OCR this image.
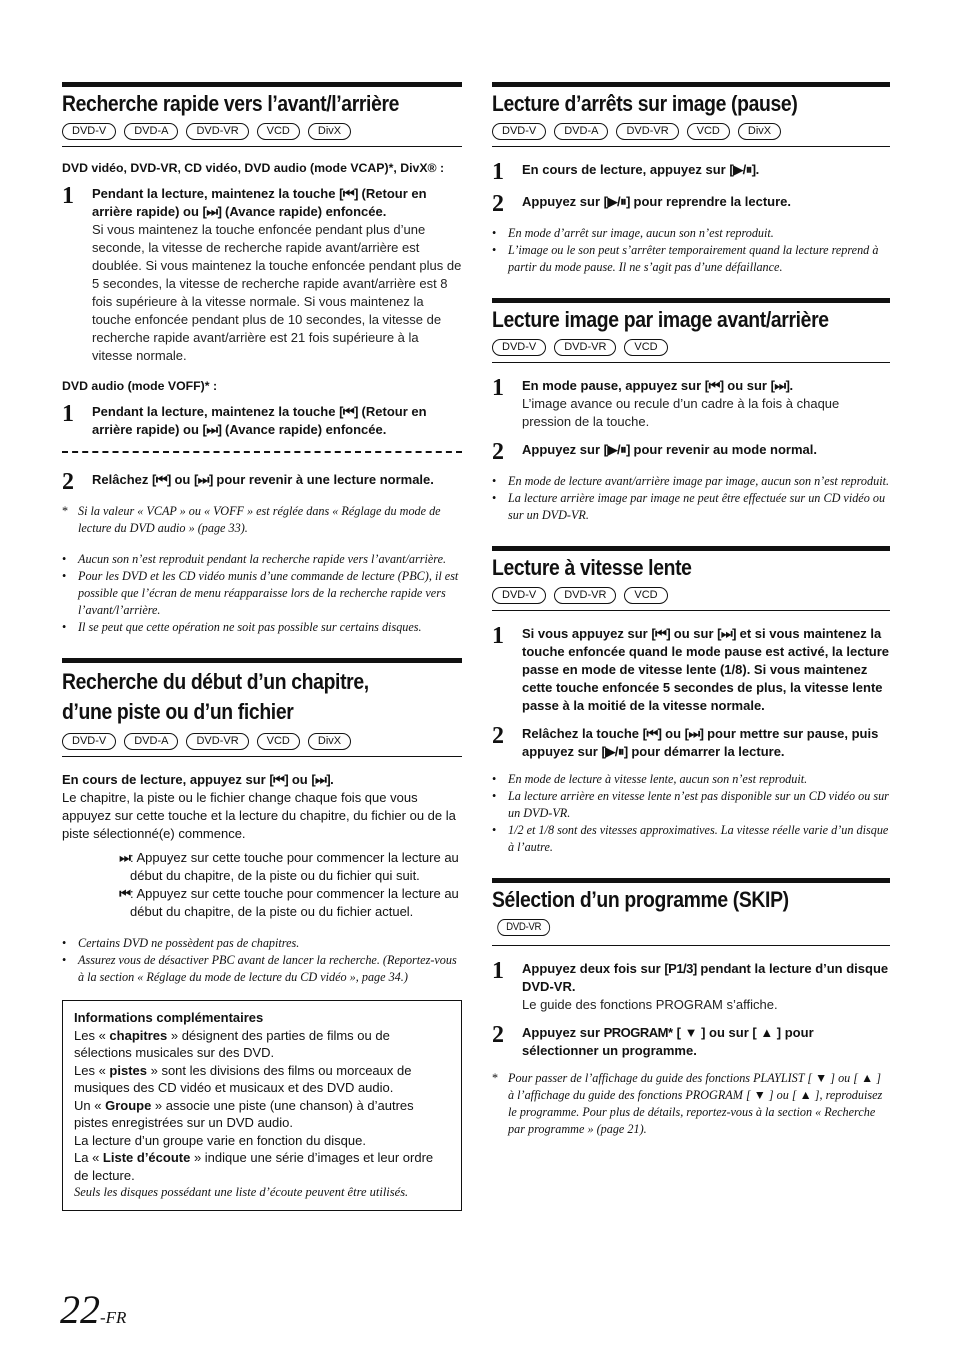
Recherche rapide vers l’avant/l’arrière
DVD-V	DVD-A	DVD-VR	VCD	DivX

DVD vidéo, DVD-VR, CD vidéo, DVD audio (mode VCAP)*, DivX® :

1	Pendant la lecture, maintenez la touche [⏮] (Retour en arrière rapide) ou [⏭] (Avance rapide) enfoncée.
Si vous maintenez la touche enfoncée pendant plus d’une seconde, la vitesse de recherche rapide avant/arrière est doublée. Si vous maintenez la touche enfoncée pendant plus de 5 secondes, la vitesse de recherche rapide avant/arrière est 8 fois supérieure à la vitesse normale. Si vous maintenez la touche enfoncée pendant plus de 10 secondes, la vitesse de recherche rapide avant/arrière est 21 fois supérieure à la vitesse normale.

DVD audio (mode VOFF)* :

1	Pendant la lecture, maintenez la touche [⏮] (Retour en arrière rapide) ou [⏭] (Avance rapide) enfoncée.
2	Relâchez [⏮] ou [⏭] pour revenir à une lecture normale.
* Si la valeur « VCAP » ou « VOFF » est réglée dans « Réglage du mode de lecture du DVD audio » (page 33).
• Aucun son n’est reproduit pendant la recherche rapide vers l’avant/arrière.
• Pour les DVD et les CD vidéo munis d’une commande de lecture (PBC), il est possible que l’écran de menu réapparaisse lors de la recherche rapide vers l’avant/l’arrière.
• Il se peut que cette opération ne soit pas possible sur certains disques.
Recherche du début d’un chapitre, d’une piste ou d’un fichier
DVD-V	DVD-A	DVD-VR	VCD	DivX

En cours de lecture, appuyez sur [⏮] ou [⏭].

Le chapitre, la piste ou le fichier change chaque fois que vous appuyez sur cette touche et la lecture du chapitre, du fichier ou de la piste sélectionné(e) commence.

⏭ : Appuyez sur cette touche pour commencer la lecture au début du chapitre, de la piste ou du fichier qui suit.
⏮ : Appuyez sur cette touche pour commencer la lecture au début du chapitre, de la piste ou du fichier actuel.
• Certains DVD ne possèdent pas de chapitres.
• Assurez vous de désactiver PBC avant de lancer la recherche. (Reportez-vous à la section « Réglage du mode de lecture du CD vidéo », page 34.)
Informations complémentaires
Les « chapitres » désignent des parties de films ou de sélections musicales sur des DVD.
Les « pistes » sont les divisions des films ou morceaux de musiques des CD vidéo et musicaux et des DVD audio.
Un « Groupe » associe une piste (une chanson) à d’autres pistes enregistrées sur un DVD audio.
La lecture d’un groupe varie en fonction du disque.
La « Liste d’écoute » indique une série d’images et leur ordre de lecture.
Seuls les disques possédant une liste d’écoute peuvent être utilisés.
Lecture d’arrêts sur image (pause)
DVD-V	DVD-A	DVD-VR	VCD	DivX
1	En cours de lecture, appuyez sur [▶/⏸].
2	Appuyez sur [▶/⏸] pour reprendre la lecture.
• En mode d’arrêt sur image, aucun son n’est reproduit.
• L’image ou le son peut s’arrêter temporairement quand la lecture reprend à partir du mode pause. Il ne s’agit pas d’une défaillance.
Lecture image par image avant/arrière
DVD-V	DVD-VR	VCD
1	En mode pause, appuyez sur [⏮] ou sur [⏭].
L’image avance ou recule d’un cadre à la fois à chaque pression de la touche.
2	Appuyez sur [▶/⏸] pour revenir au mode normal.
• En mode de lecture avant/arrière image par image, aucun son n’est reproduit.
• La lecture arrière image par image ne peut être effectuée sur un CD vidéo ou sur un DVD-VR.
Lecture à vitesse lente
DVD-V	DVD-VR	VCD
1	Si vous appuyez sur [⏮] ou sur [⏭] et si vous maintenez la touche enfoncée quand le mode pause est activé, la lecture passe en mode de vitesse lente (1/8). Si vous maintenez cette touche enfoncée 5 secondes de plus, la vitesse lente passe à la moitié de la vitesse normale.
2	Relâchez la touche [⏮] ou [⏭] pour mettre sur pause, puis appuyez sur [▶/⏸] pour démarrer la lecture.
• En mode de lecture à vitesse lente, aucun son n’est reproduit.
• La lecture arrière en vitesse lente n’est pas disponible sur un CD vidéo ou sur un DVD-VR.
• 1/2 et 1/8 sont des vitesses approximatives. La vitesse réelle varie d’un disque à l’autre.
Sélection d’un programme (SKIP)DVD-VR
1	Appuyez deux fois sur [P1/3] pendant la lecture d’un disque DVD-VR.
Le guide des fonctions PROGRAM s’affiche.
2	Appuyez sur PROGRAM* [ ▼ ] ou sur [ ▲ ] pour sélectionner un programme.
* Pour passer de l’affichage du guide des fonctions PLAYLIST [ ▼ ] ou [ ▲ ] à l’affichage du guide des fonctions PROGRAM [ ▼ ] ou [ ▲ ], reproduisez le programme. Pour plus de détails, reportez-vous à la section « Recherche par programme » (page 21).
22-FR
